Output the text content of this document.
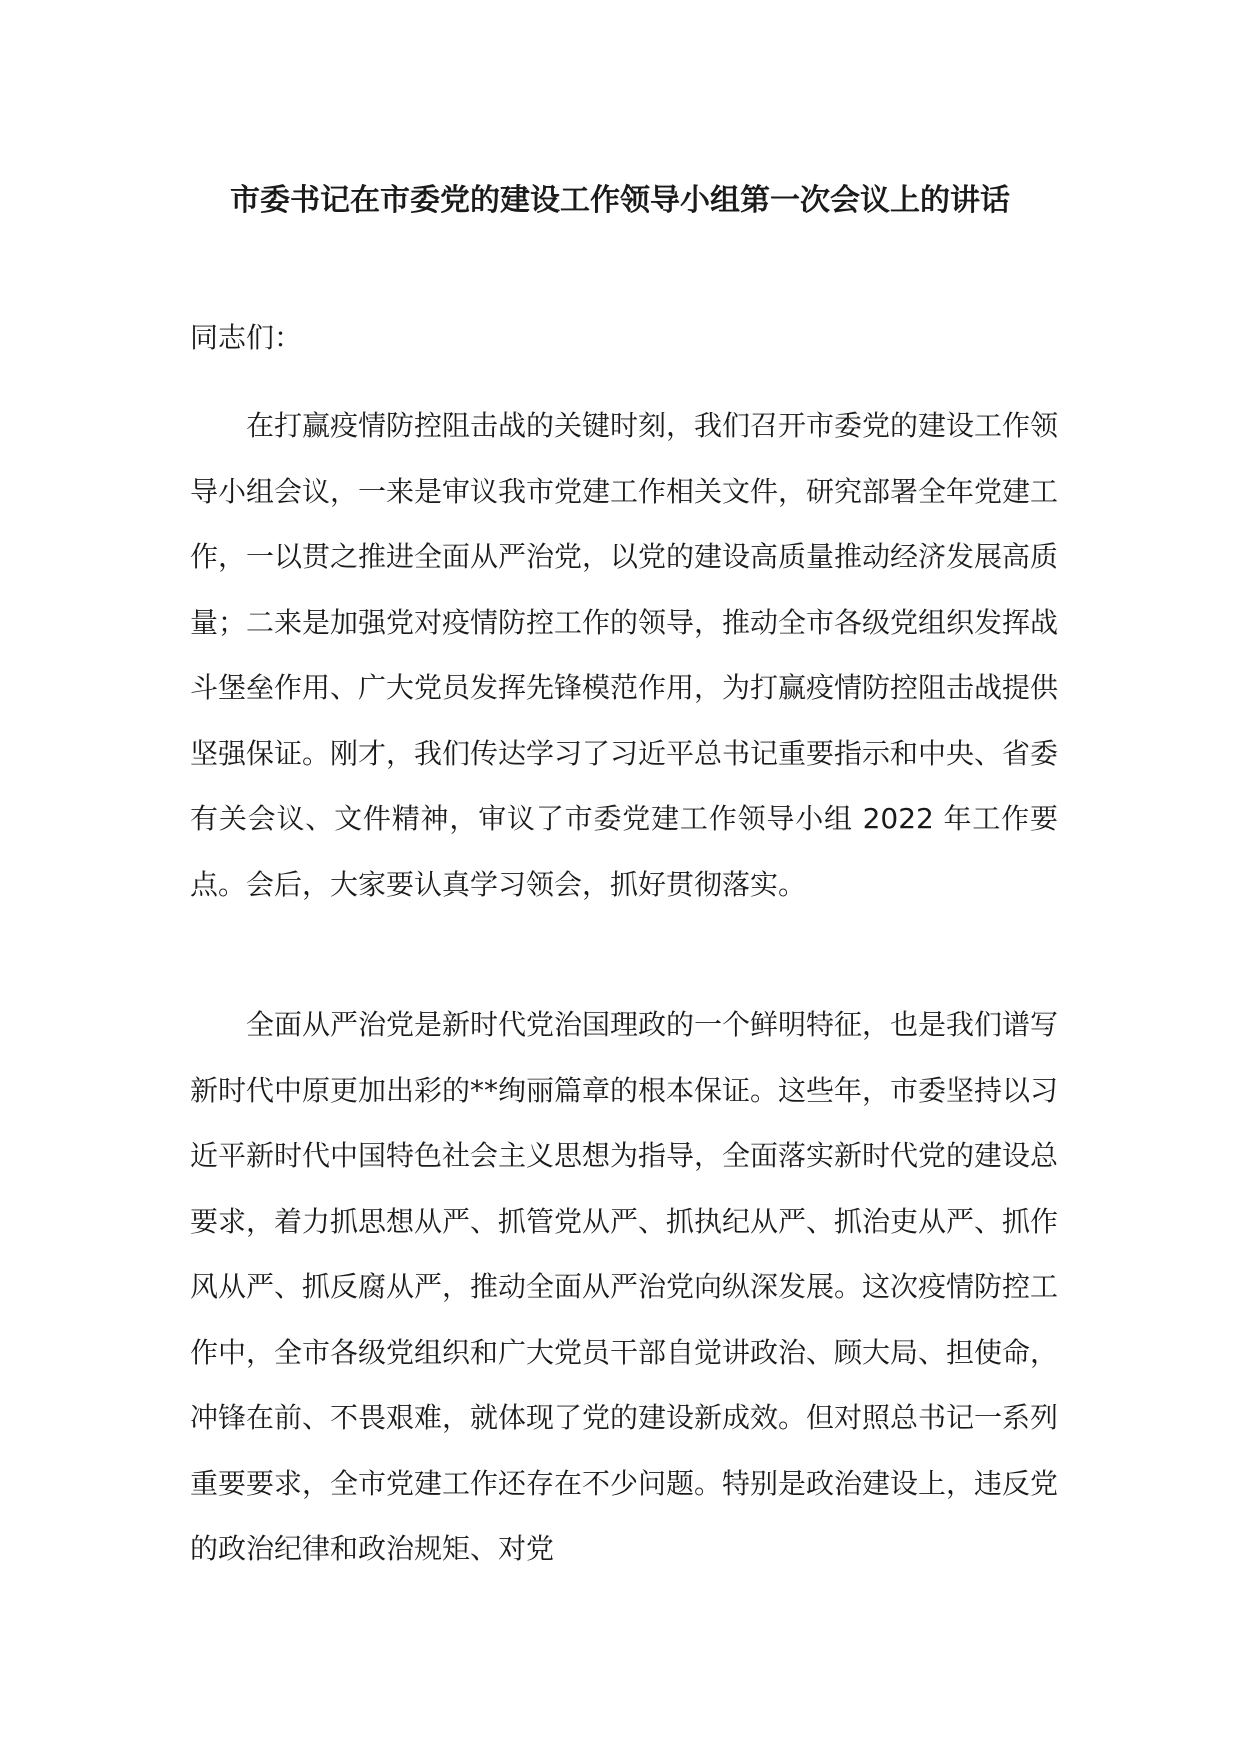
市委书记在市委党的建设工作领导小组第一次会议上的讲话

同志们：

在打赢疫情防控阻击战的关键时刻，我们召开市委党的建设工作领导小组会议，一来是审议我市党建工作相关文件，研究部署全年党建工作，一以贯之推进全面从严治党，以党的建设高质量推动经济发展高质量；二来是加强党对疫情防控工作的领导，推动全市各级党组织发挥战斗堡垒作用、广大党员发挥先锋模范作用，为打赢疫情防控阻击战提供坚强保证。刚才，我们传达学习了习近平总书记重要指示和中央、省委有关会议、文件精神，审议了市委党建工作领导小组 2022 年工作要点。会后，大家要认真学习领会，抓好贯彻落实。

全面从严治党是新时代党治国理政的一个鲜明特征，也是我们谱写新时代中原更加出彩的**绚丽篇章的根本保证。这些年，市委坚持以习近平新时代中国特色社会主义思想为指导，全面落实新时代党的建设总要求，着力抓思想从严、抓管党从严、抓执纪从严、抓治吏从严、抓作风从严、抓反腐从严，推动全面从严治党向纵深发展。这次疫情防控工作中，全市各级党组织和广大党员干部自觉讲政治、顾大局、担使命，冲锋在前、不畏艰难，就体现了党的建设新成效。但对照总书记一系列重要要求，全市党建工作还存在不少问题。特别是政治建设上，违反党的政治纪律和政治规矩、对党
